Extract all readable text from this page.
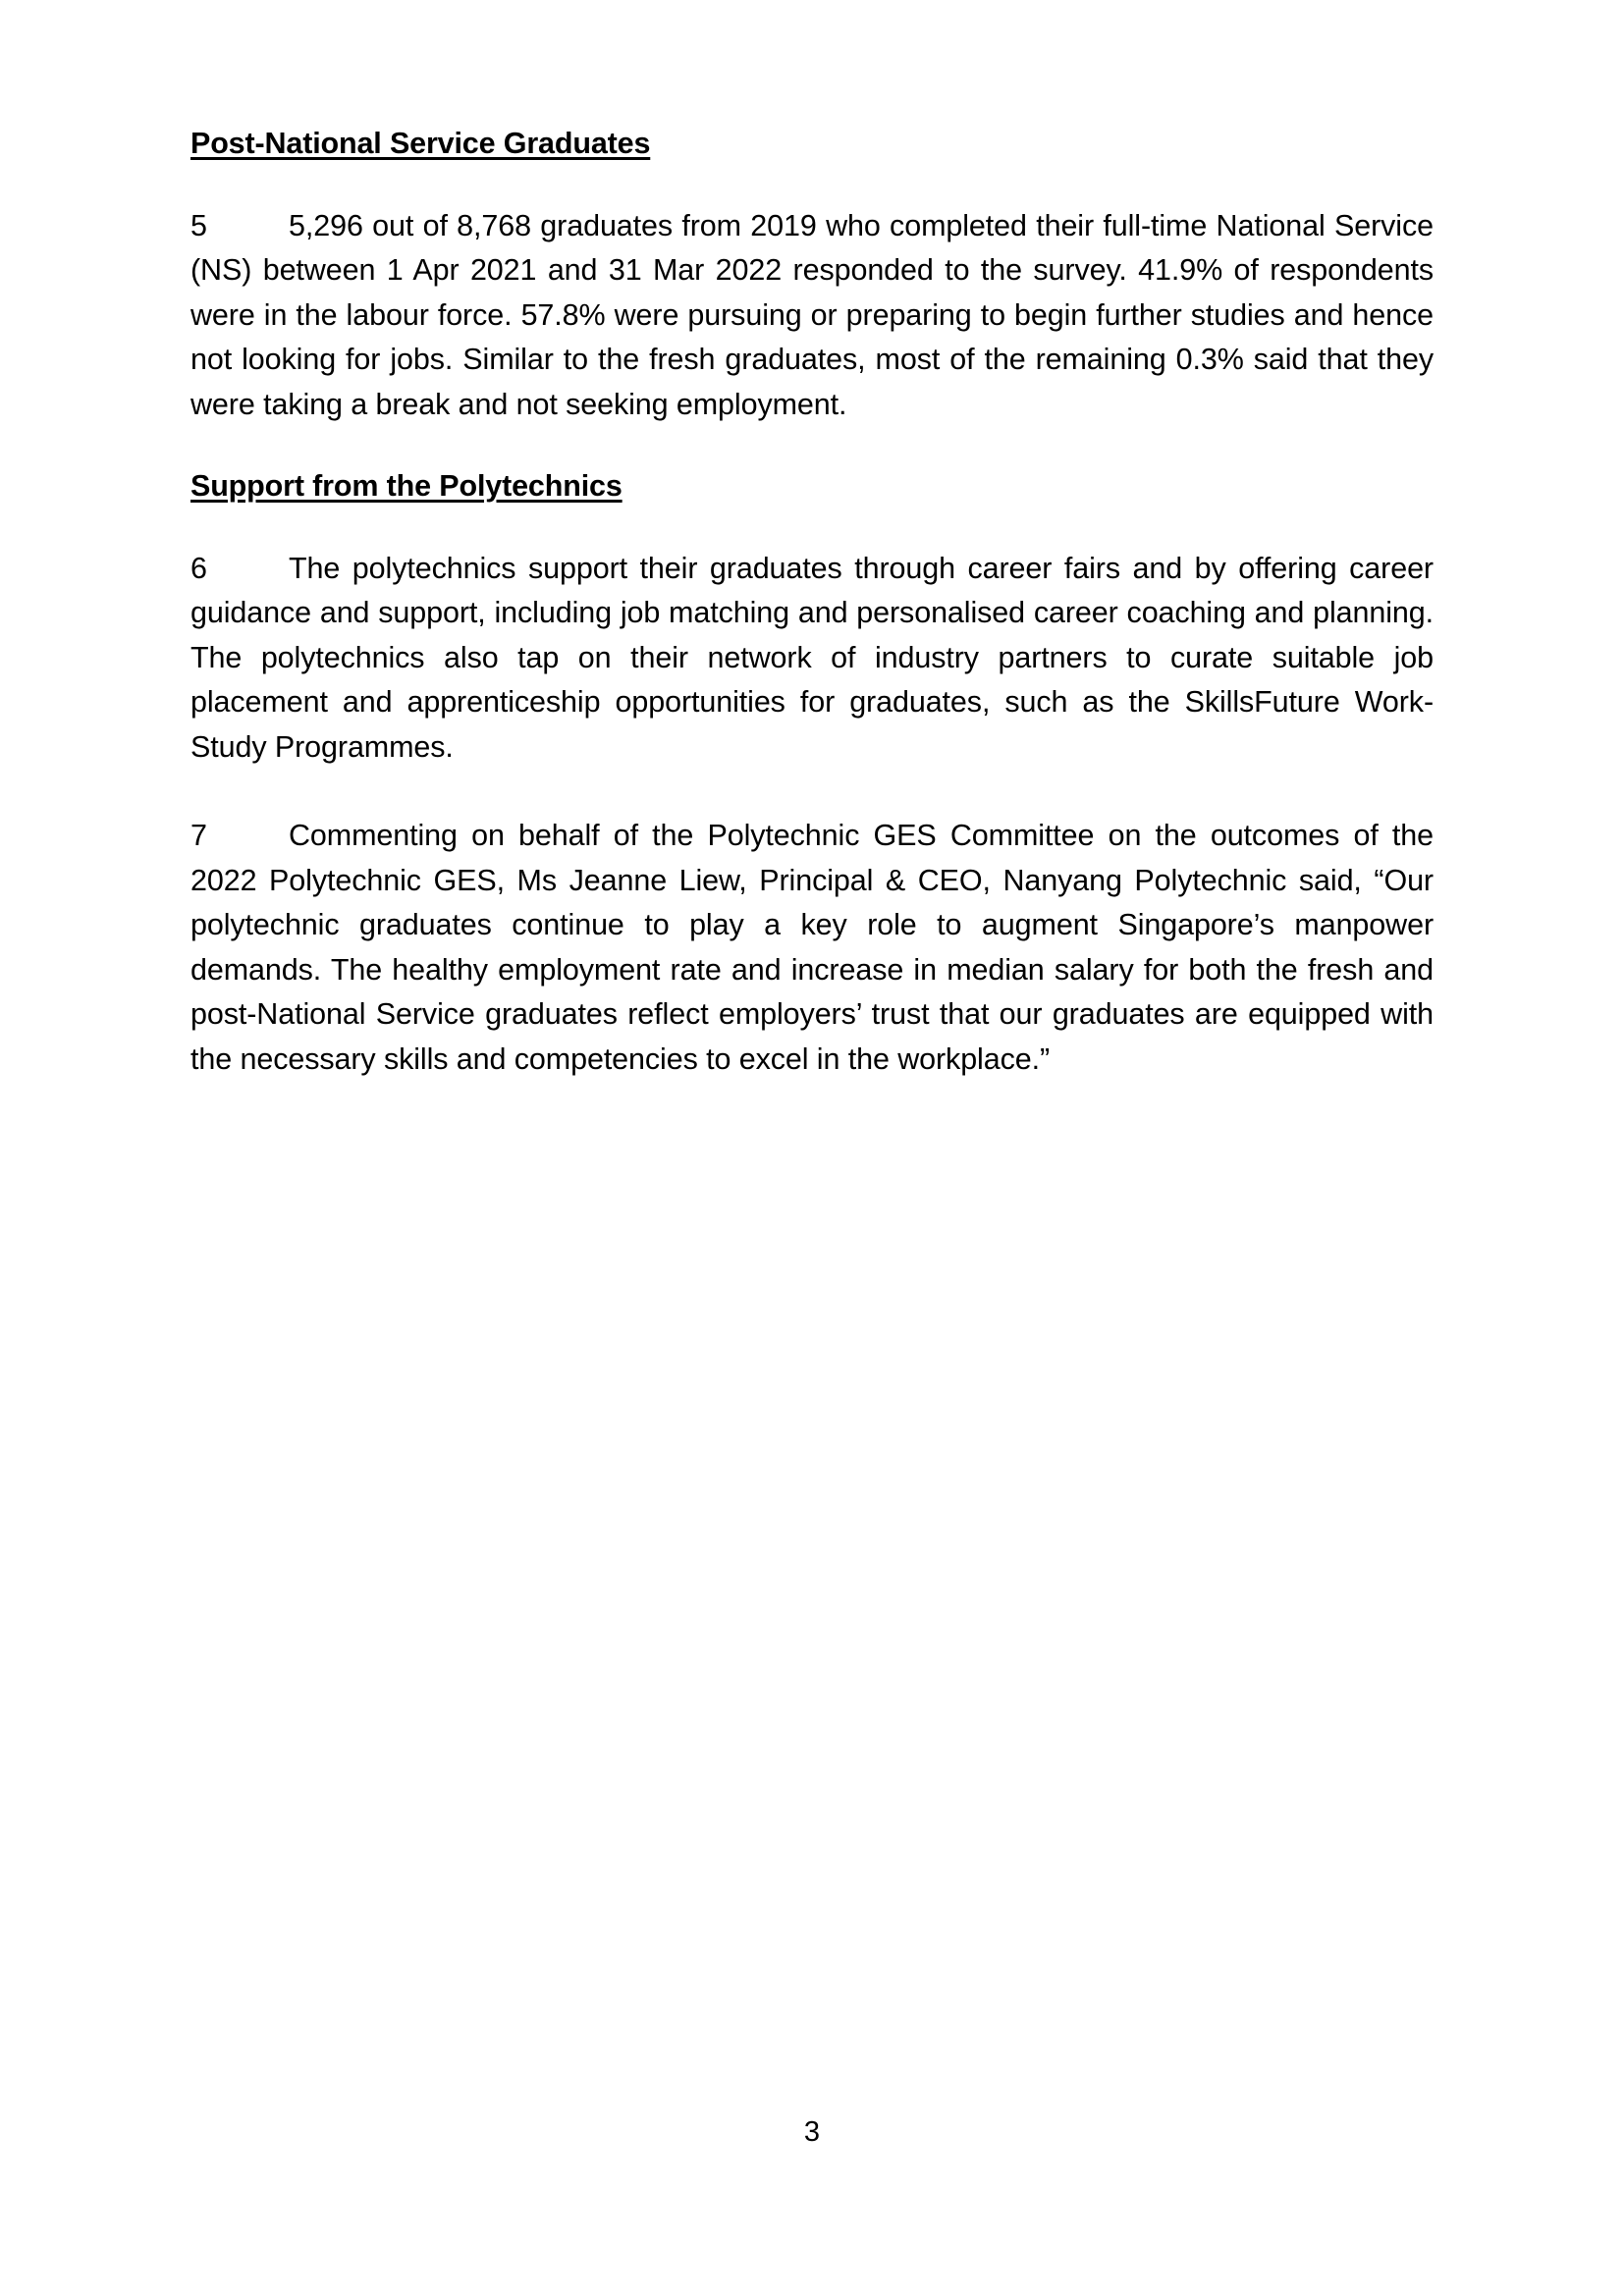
Post-National Service Graduates

5	5,296 out of 8,768 graduates from 2019 who completed their full-time National Service (NS) between 1 Apr 2021 and 31 Mar 2022 responded to the survey. 41.9% of respondents were in the labour force. 57.8% were pursuing or preparing to begin further studies and hence not looking for jobs. Similar to the fresh graduates, most of the remaining 0.3% said that they were taking a break and not seeking employment.

Support from the Polytechnics

6	The polytechnics support their graduates through career fairs and by offering career guidance and support, including job matching and personalised career coaching and planning. The polytechnics also tap on their network of industry partners to curate suitable job placement and apprenticeship opportunities for graduates, such as the SkillsFuture Work-Study Programmes.

7	Commenting on behalf of the Polytechnic GES Committee on the outcomes of the 2022 Polytechnic GES, Ms Jeanne Liew, Principal & CEO, Nanyang Polytechnic said, “Our polytechnic graduates continue to play a key role to augment Singapore’s manpower demands. The healthy employment rate and increase in median salary for both the fresh and post-National Service graduates reflect employers’ trust that our graduates are equipped with the necessary skills and competencies to excel in the workplace.”

3
